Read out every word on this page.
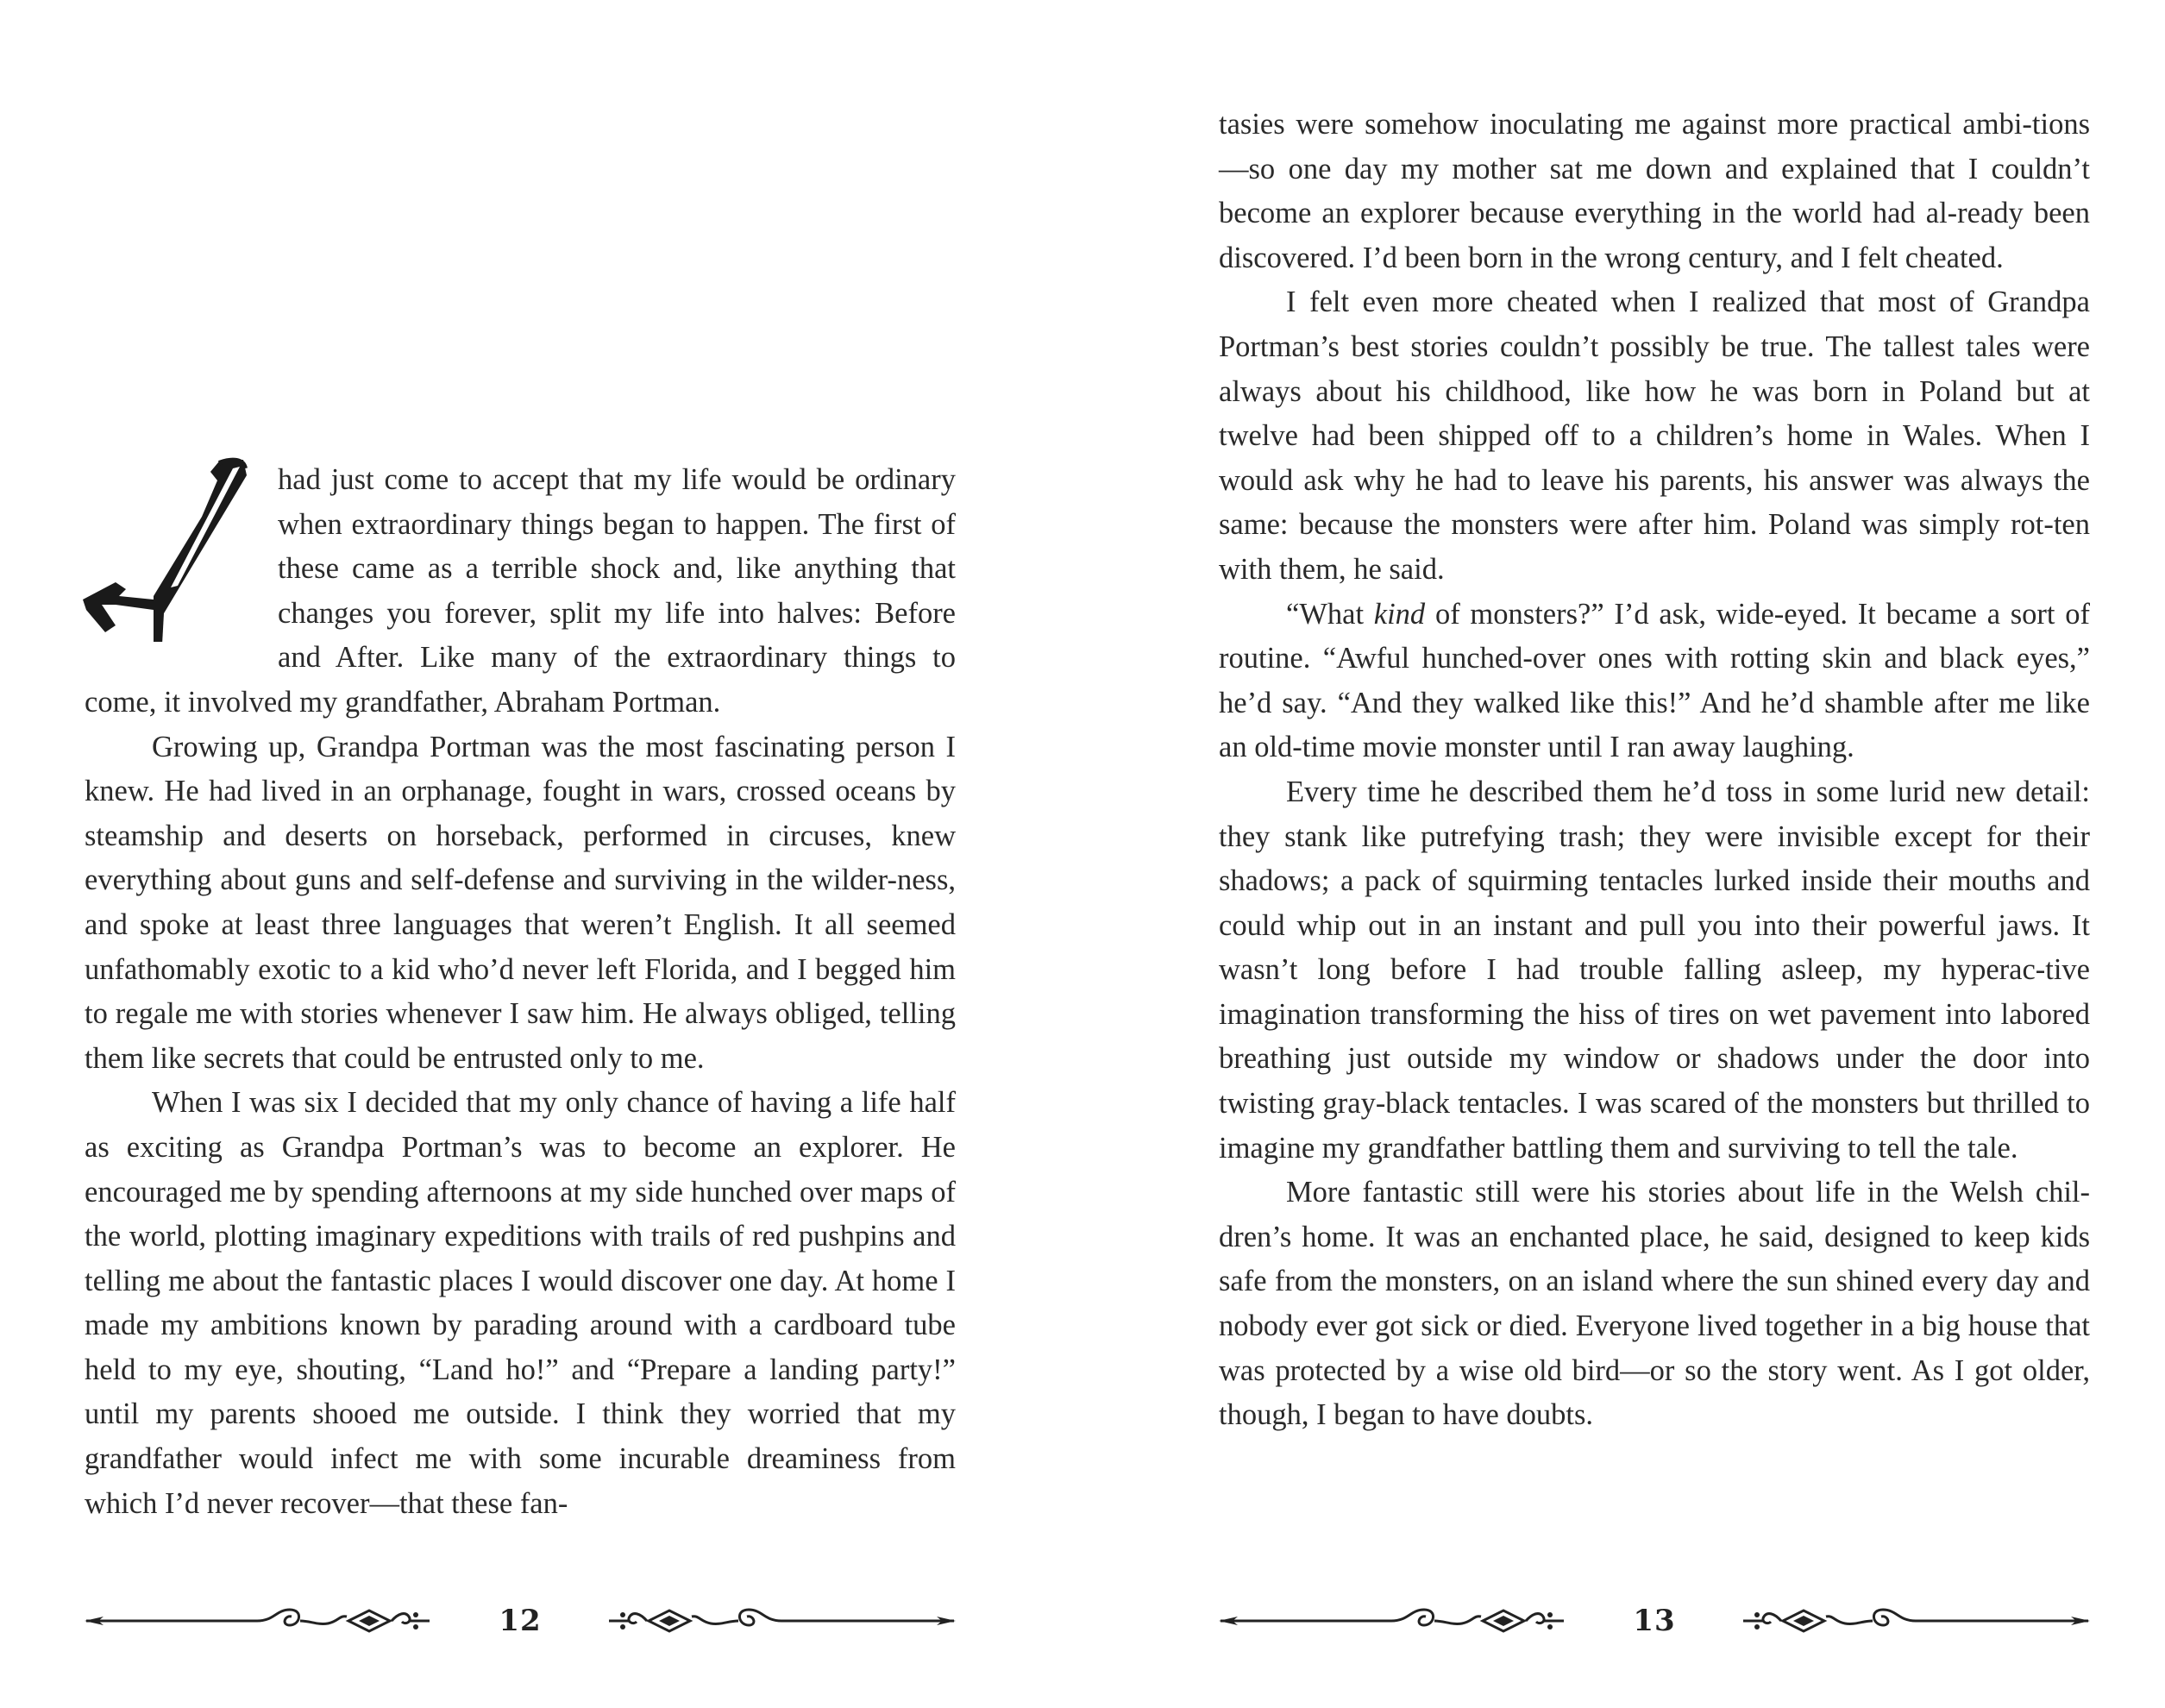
had just come to accept that my life would be ordinary when extraordinary things began to happen. The first of these came as a terrible shock and, like anything that changes you forever, split my life into halves: Before and After. Like many of the extraordinary things to come, it involved my grandfather, Abraham Portman.

Growing up, Grandpa Portman was the most fascinating person I knew. He had lived in an orphanage, fought in wars, crossed oceans by steamship and deserts on horseback, performed in circuses, knew everything about guns and self-defense and surviving in the wilder-ness, and spoke at least three languages that weren’t English. It all seemed unfathomably exotic to a kid who’d never left Florida, and I begged him to regale me with stories whenever I saw him. He always obliged, telling them like secrets that could be entrusted only to me.

When I was six I decided that my only chance of having a life half as exciting as Grandpa Portman’s was to become an explorer. He encouraged me by spending afternoons at my side hunched over maps of the world, plotting imaginary expeditions with trails of red pushpins and telling me about the fantastic places I would discover one day. At home I made my ambitions known by parading around with a cardboard tube held to my eye, shouting, “Land ho!” and “Prepare a landing party!” until my parents shooed me outside. I think they worried that my grandfather would infect me with some incurable dreaminess from which I’d never recover—that these fan-

12

tasies were somehow inoculating me against more practical ambi-tions—so one day my mother sat me down and explained that I couldn’t become an explorer because everything in the world had al-ready been discovered. I’d been born in the wrong century, and I felt cheated.

I felt even more cheated when I realized that most of Grandpa Portman’s best stories couldn’t possibly be true. The tallest tales were always about his childhood, like how he was born in Poland but at twelve had been shipped off to a children’s home in Wales. When I would ask why he had to leave his parents, his answer was always the same: because the monsters were after him. Poland was simply rot-ten with them, he said.

“What kind of monsters?” I’d ask, wide-eyed. It became a sort of routine. “Awful hunched-over ones with rotting skin and black eyes,” he’d say. “And they walked like this!” And he’d shamble after me like an old-time movie monster until I ran away laughing.

Every time he described them he’d toss in some lurid new detail: they stank like putrefying trash; they were invisible except for their shadows; a pack of squirming tentacles lurked inside their mouths and could whip out in an instant and pull you into their powerful jaws. It wasn’t long before I had trouble falling asleep, my hyperac-tive imagination transforming the hiss of tires on wet pavement into labored breathing just outside my window or shadows under the door into twisting gray-black tentacles. I was scared of the monsters but thrilled to imagine my grandfather battling them and surviving to tell the tale.

More fantastic still were his stories about life in the Welsh chil-dren’s home. It was an enchanted place, he said, designed to keep kids safe from the monsters, on an island where the sun shined every day and nobody ever got sick or died. Everyone lived together in a big house that was protected by a wise old bird—or so the story went. As I got older, though, I began to have doubts.

13
